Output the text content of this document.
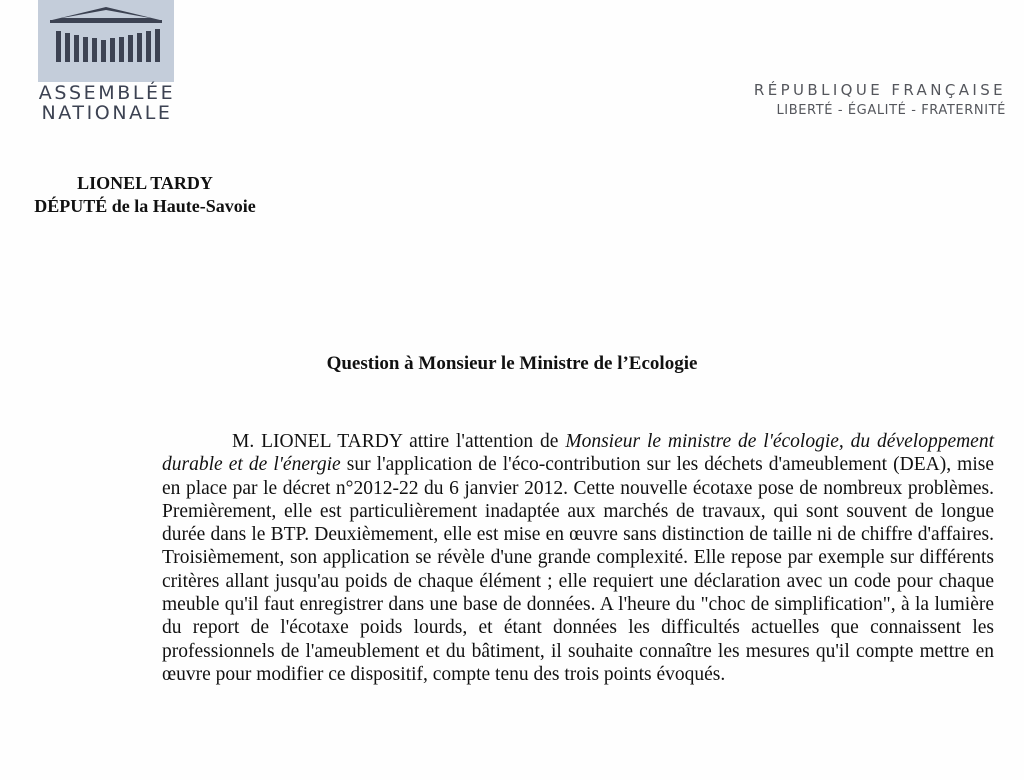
ASSEMBLÉE
NATIONALE
RÉPUBLIQUE FRANÇAISE
LIBERTÉ - ÉGALITÉ - FRATERNITÉ
LIONEL TARDY
DÉPUTÉ de la Haute-Savoie
Question à Monsieur le Ministre de l’Ecologie

M. LIONEL TARDY attire l'attention de Monsieur le ministre de l'écologie, du développement durable et de l'énergie sur l'application de l'éco-contribution sur les déchets d'ameublement (DEA), mise en place par le décret n°2012-22 du 6 janvier 2012. Cette nouvelle écotaxe pose de nombreux problèmes. Premièrement, elle est particulièrement inadaptée aux marchés de travaux, qui sont souvent de longue durée dans le BTP. Deuxièmement, elle est mise en œuvre sans distinction de taille ni de chiffre d'affaires. Troisièmement, son application se révèle d'une grande complexité. Elle repose par exemple sur différents critères allant jusqu'au poids de chaque élément ; elle requiert une déclaration avec un code pour chaque meuble qu'il faut enregistrer dans une base de données. A l'heure du "choc de simplification", à la lumière du report de l'écotaxe poids lourds, et étant données les difficultés actuelles que connaissent les professionnels de l'ameublement et du bâtiment, il souhaite connaître les mesures qu'il compte mettre en œuvre pour modifier ce dispositif, compte tenu des trois points évoqués.
